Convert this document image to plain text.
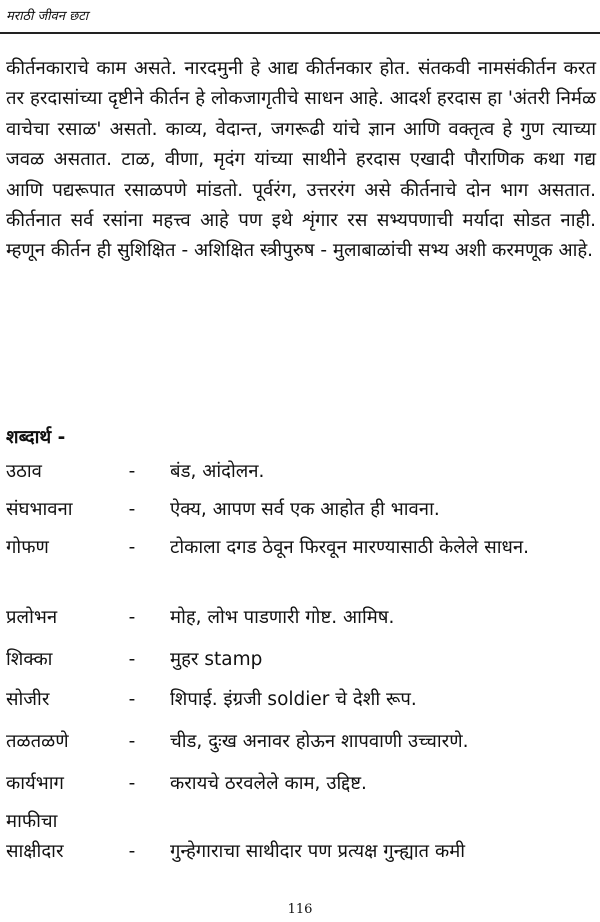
मराठी जीवन छटा

कीर्तनकाराचे काम असते. नारदमुनी हे आद्य कीर्तनकार होत. संतकवी नामसंकीर्तन करत तर हरदासांच्या दृष्टीने कीर्तन हे लोकजागृतीचे साधन आहे. आदर्श हरदास हा 'अंतरी निर्मळ वाचेचा रसाळ' असतो. काव्य, वेदान्त, जगरूढी यांचे ज्ञान आणि वक्तृत्व हे गुण त्याच्या जवळ असतात. टाळ, वीणा, मृदंग यांच्या साथीने हरदास एखादी पौराणिक कथा गद्य आणि पद्यरूपात रसाळपणे मांडतो. पूर्वरंग, उत्तररंग असे कीर्तनाचे दोन भाग असतात. कीर्तनात सर्व रसांना महत्त्व आहे पण इथे शृंगार रस सभ्यपणाची मर्यादा सोडत नाही. म्हणून कीर्तन ही सुशिक्षित - अशिक्षित स्त्रीपुरुष - मुलाबाळांची सभ्य अशी करमणूक आहे.

शब्दार्थ -

उठाव	-	बंड, आंदोलन.
संघभावना	-	ऐक्य, आपण सर्व एक आहोत ही भावना.
गोफण	-	टोकाला दगड ठेवून फिरवून मारण्यासाठी केलेले साधन.
प्रलोभन	-	मोह, लोभ पाडणारी गोष्ट. आमिष.
शिक्का	-	मुहर stamp
सोजीर	-	शिपाई. इंग्रजी soldier चे देशी रूप.
तळतळणे	-	चीड, दुःख अनावर होऊन शापवाणी उच्चारणे.
कार्यभाग	-	करायचे ठरवलेले काम, उद्दिष्ट.
माफीचा
साक्षीदार	-	गुन्हेगाराचा साथीदार पण प्रत्यक्ष गुन्ह्यात कमी
116
